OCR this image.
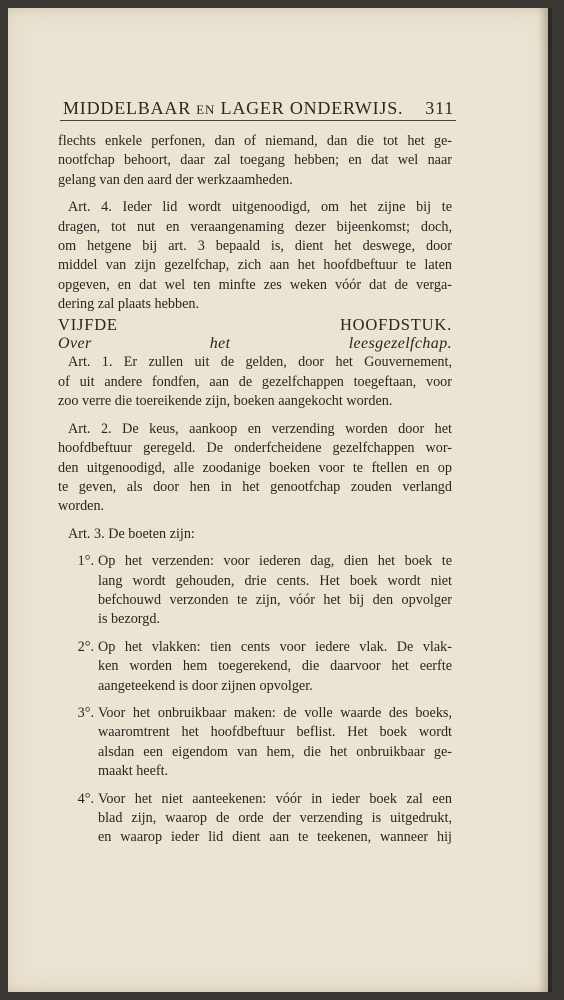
MIDDELBAAR en LAGER ONDERWIJS. 311

flechts enkele perfonen, dan of niemand, dan die tot het ge-

nootfchap behoort, daar zal toegang hebben; en dat wel naar

gelang van den aard der werkzaamheden.

Art. 4. Ieder lid wordt uitgenoodigd, om het zijne bij te

dragen, tot nut en veraangenaming dezer bijeenkomst; doch,

om hetgene bij art. 3 bepaald is, dient het deswege, door

middel van zijn gezelfchap, zich aan het hoofdbeftuur te laten

opgeven, en dat wel ten minfte zes weken vóór dat de verga-

dering zal plaats hebben.

VIJFDE HOOFDSTUK.

Over het leesgezelfchap.

Art. 1. Er zullen uit de gelden, door het Gouvernement,

of uit andere fondfen, aan de gezelfchappen toegeftaan, voor

zoo verre die toereikende zijn, boeken aangekocht worden.

Art. 2. De keus, aankoop en verzending worden door het

hoofdbeftuur geregeld. De onderfcheidene gezelfchappen wor-

den uitgenoodigd, alle zoodanige boeken voor te ftellen en op

te geven, als door hen in het genootfchap zouden verlangd

worden.

Art. 3. De boeten zijn:

1°. Op het verzenden: voor iederen dag, dien het boek te

lang wordt gehouden, drie cents. Het boek wordt niet

befchouwd verzonden te zijn, vóór het bij den opvolger

is bezorgd.

2°. Op het vlakken: tien cents voor iedere vlak. De vlak-

ken worden hem toegerekend, die daarvoor het eerfte

aangeteekend is door zijnen opvolger.

3°. Voor het onbruikbaar maken: de volle waarde des boeks,

waaromtrent het hoofdbeftuur beflist. Het boek wordt

alsdan een eigendom van hem, die het onbruikbaar ge-

maakt heeft.

4°. Voor het niet aanteekenen: vóór in ieder boek zal een

blad zijn, waarop de orde der verzending is uitgedrukt,

en waarop ieder lid dient aan te teekenen, wanneer hij
